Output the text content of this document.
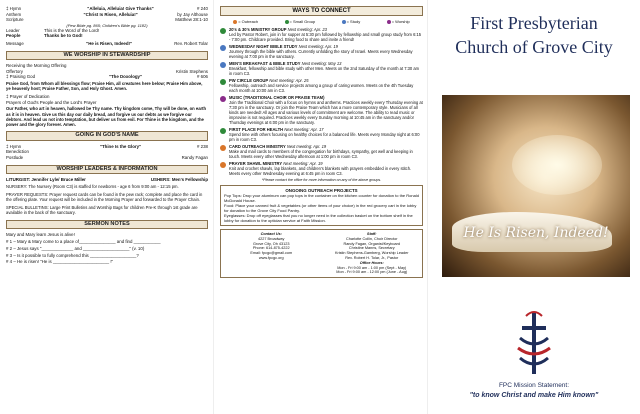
‡ Hymn	"Alleluia, Alleluia! Give Thanks"	# 240
Anthem	"Christ Is Risen, Alleluia!"	by Jay Althouse
Scripture	Matthew 28:1-10
(Pew Bible pg. 865; Children's Bible pg. 1182)
Leader	This is the Word of the Lord!
People	Thanks be to God!
Message	"He is Risen, Indeed!"	Rev. Robert Tolar
WE WORSHIP IN STEWARDSHIP
Receiving the Morning Offering
Offertory	Kristin Stephens
‡ Praising God	"The Doxology"	# 606
Praise God, from Whom all blessings flow; Praise Him, all creatures here below; Praise Him above, ye heavenly host; Praise Father, Son, and Holy Ghost. Amen.
‡ Prayer of Dedication
Prayers of God's People and the Lord's Prayer
Our Father, who art in heaven, hallowed be Thy name. Thy kingdom come, Thy will be done, on earth as it is in heaven. Give us this day our daily bread, and forgive us our debts as we forgive our debtors. And lead us not into temptation, but deliver us from evil. For Thine is the kingdom, and the power and the glory forever. Amen.
GOING IN GOD'S NAME
‡ Hymn	"Thine Is the Glory"	# 238
Benediction
Postlude	Randy Fagan
WORSHIP LEADERS & INFORMATION
LITURGIST: Jennifer Lyle/ Bruce Miller	USHERS: Men's Fellowship
NURSERY: The Nursery (Room C3) is staffed for newborns - age 6 from 9:00 am - 12:15 pm.
PRAYER REQUESTS: Prayer request cards can be found in the pew rack; complete and place the card in the offering plate. Your request will be included in the Morning Prayer and forwarded to the Prayer Chain.
SPECIAL BULLETINS: Large Print Bulletins and Worship Bags for children Pre-K through 1st grade are available in the back of the sanctuary.
SERMON NOTES
Mary and Mary learn Jesus is alive!
# 1 – Mary & Mary come to a place of_______________ and find ___________
# 2 – Jesus says "_____________ and ___________________" (v. 10)
# 3 – Is it possible to fully comprehend this ___________________?
# 4 – He is risen! "He is _______________________ !"
WAYS TO CONNECT
= Outreach	= Small Group	= Study	= Worship
20's & 30's MINISTRY GROUP Next meeting: Apr. 23
Led by Pastor Robert, join in for supper at 5:30 pm followed by fellowship and small group study from 6:15 - 7:00 pm. Childcare provided. Bring food to share and invite a friend!
WEDNESDAY NIGHT BIBLE STUDY Next meeting: Apr. 19
Journey through the bible with others. Currently unfolding the story of Israel. Meets every Wednesday evening at 7:00 pm in the sanctuary.
MEN'S BREAKFAST & BIBLE STUDY Next meeting: May 13
Breakfast, fellowship and bible study with other Men. Meets on the 2nd Saturday of the month at 7:30 am in room C3.
PW CIRCLE GROUP Next meeting: Apr. 25
Fellowship, outreach and service projects among a group of caring women. Meets on the 4th Tuesday each month at 10:00 am in C3.
MUSIC (TRADITIONAL CHOIR OR PRAISE TEAM)
Join the Traditional Choir with a focus on hymns and anthems. Practices weekly every Thursday evening at 7:30 pm in the sanctuary. Or join the Praise Team which has a more contemporary style. Musicians of all kinds are needed! All ages and various levels of commitment are welcome. The ability to read music or improvise is not required. Practices weekly every Sunday morning at 10:45 am in the sanctuary and/or Thursday evenings at 6:00 pm in the sanctuary.
FIRST PLACE FOR HEALTH Next meeting: Apr. 17
Spend time with others focusing on healthy choices for a balanced life. Meets every Monday night at 6:00 pm in room C3.
CARD OUTREACH MINISTRY Next meeting: Apr. 19
Make and mail cards to members of the congregation for birthdays, sympathy, get well and keeping in touch. Meets every other Wednesday afternoon at 1:00 pm in room C3.
PRAYER SHAWL MINISTRY Next meeting: Apr. 19
Knit and crochet shawls, lap blankets, and children's blankets with prayers embedded in every stitch. Meets every other Wednesday evening at 6:45 pm in room C3.
*Please contact the office for more information on any of the above groups.
ONGOING OUTREACH PROJECTS
Pop Tops: Drop your aluminum can pop tops in the container on the kitchen counter for donation to the Ronald McDonald House.
Food: Place your canned fruit & vegetables (or other items of your choice) in the red grocery cart in the lobby for donation to the Grove City Food Pantry.
Eyeglasses: Drop off eyeglasses that you no longer need in the collection basket on the bottom shelf in the lobby for donation to the optician service at Faith Mission.
Contact Us:
4227 Broadway
Grove City, Oh 43123
Phone: 614-875-4222
Email: fpcgc@gmail.com
www.fpcgc.org
Staff:
Charlotte Collin, Choir Director
Randy Fagan, Organist/Keyboard
Christine Manns, Secretary
Kristin Stephens-Gamberg, Worship Leader
Rev. Robert H. Tolar, Jr., Pastor
Office Hours:
Mon - Fri 9:00 am - 1:00 pm (Sept - May)
Mon - Fri 9:00 am - 12:00 pm (June - Aug)
First Presbyterian
Church of Grove City
He Is Risen, Indeed!
FPC Mission Statement:
"to know Christ and make Him known"
